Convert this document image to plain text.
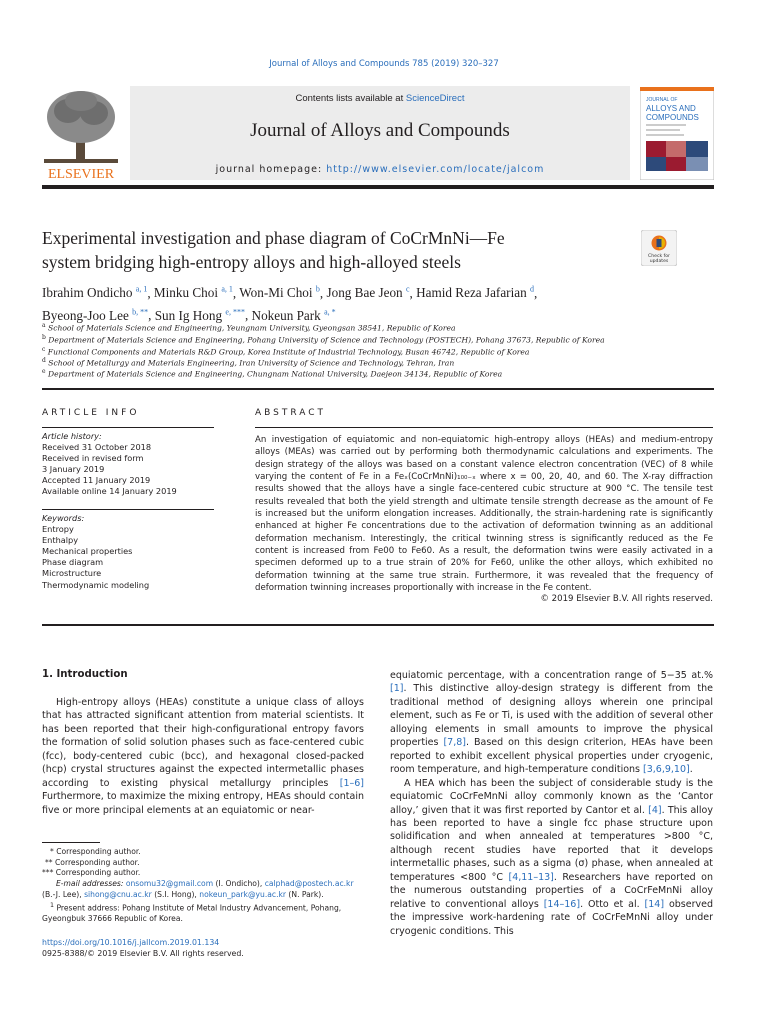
Journal of Alloys and Compounds 785 (2019) 320–327
ELSEVIER
Contents lists available at ScienceDirect
Journal of Alloys and Compounds
journal homepage: http://www.elsevier.com/locate/jalcom
JOURNAL OF
ALLOYS AND
COMPOUNDS
Experimental investigation and phase diagram of CoCrMnNi—Fe
system bridging high-entropy alloys and high-alloyed steels	Check for
updates
Ibrahim Ondicho $^{a, 1}$, Minku Choi $^{a, 1}$, Won-Mi Choi $^b$, Jong Bae Jeon $^c$, Hamid Reza Jafarian $^d$,
Byeong-Joo Lee $^{b, **}$, Sun Ig Hong $^{e, ***}$, Nokeun Park $^{a, *}$
$^a$ School of Materials Science and Engineering, Yeungnam University, Gyeongsan 38541, Republic of Korea
$^b$ Department of Materials Science and Engineering, Pohang University of Science and Technology (POSTECH), Pohang 37673, Republic of Korea
$^c$ Functional Components and Materials R&D Group, Korea Institute of Industrial Technology, Busan 46742, Republic of Korea
$^d$ School of Metallurgy and Materials Engineering, Iran University of Science and Technology, Tehran, Iran
$^e$ Department of Materials Science and Engineering, Chungnam National University, Daejeon 34134, Republic of Korea
ARTICLE INFO
Article history:
Received 31 October 2018
Received in revised form
3 January 2019
Accepted 11 January 2019
Available online 14 January 2019
Keywords:
Entropy
Enthalpy
Mechanical properties
Phase diagram
Microstructure
Thermodynamic modeling
ABSTRACT
An investigation of equiatomic and non-equiatomic high-entropy alloys (HEAs) and medium-entropy alloys (MEAs) was carried out by performing both thermodynamic calculations and experiments. The design strategy of the alloys was based on a constant valence electron concentration (VEC) of 8 while varying the content of Fe in a Feₓ(CoCrMnNi)₁₀₀₋ₓ where x = 00, 20, 40, and 60. The X-ray diffraction results showed that the alloys have a single face-centered cubic structure at 900 °C. The tensile test results revealed that both the yield strength and ultimate tensile strength decrease as the amount of Fe is increased but the uniform elongation increases. Additionally, the strain-hardening rate is significantly enhanced at higher Fe concentrations due to the activation of deformation twinning as an additional deformation mechanism. Interestingly, the critical twinning stress is significantly reduced as the Fe content is increased from Fe00 to Fe60. As a result, the deformation twins were easily activated in a specimen deformed up to a true strain of 20% for Fe60, unlike the other alloys, which exhibited no deformation twinning at the same true strain. Furthermore, it was revealed that the frequency of deformation twinning increases proportionally with increase in the Fe content.
© 2019 Elsevier B.V. All rights reserved.
1. Introduction

High-entropy alloys (HEAs) constitute a unique class of alloys that has attracted significant attention from material scientists. It has been reported that their high-configurational entropy favors the formation of solid solution phases such as face-centered cubic (fcc), body-centered cubic (bcc), and hexagonal closed-packed (hcp) crystal structures against the expected intermetallic phases according to existing physical metallurgy principles [1–6] Furthermore, to maximize the mixing entropy, HEAs should contain five or more principal elements at an equiatomic or near-

equiatomic percentage, with a concentration range of 5−35 at.% [1]. This distinctive alloy-design strategy is different from the traditional method of designing alloys wherein one principal element, such as Fe or Ti, is used with the addition of several other alloying elements in small amounts to improve the physical properties [7,8]. Based on this design criterion, HEAs have been reported to exhibit excellent physical properties under cryogenic, room temperature, and high-temperature conditions [3,6,9,10].

A HEA which has been the subject of considerable study is the equiatomic CoCrFeMnNi alloy commonly known as the ‘Cantor alloy,’ given that it was first reported by Cantor et al. [4]. This alloy has been reported to have a single fcc phase structure upon solidification and when annealed at temperatures >800 °C, although recent studies have reported that it develops intermetallic phases, such as a sigma (σ) phase, when annealed at temperatures <800 °C [4,11–13]. Researchers have reported on the numerous outstanding properties of a CoCrFeMnNi alloy relative to conventional alloys [14–16]. Otto et al. [14] observed the impressive work-hardening rate of CoCrFeMnNi alloy under cryogenic conditions. This

* Corresponding author.
** Corresponding author.
*** Corresponding author.
E-mail addresses: onsomu32@gmail.com (I. Ondicho), calphad@postech.ac.kr (B.-J. Lee), sihong@cnu.ac.kr (S.I. Hong), nokeun_park@yu.ac.kr (N. Park).
$^1$ Present address: Pohang Institute of Metal Industry Advancement, Pohang, Gyeongbuk 37666 Republic of Korea.
https://doi.org/10.1016/j.jallcom.2019.01.134
0925-8388/© 2019 Elsevier B.V. All rights reserved.
